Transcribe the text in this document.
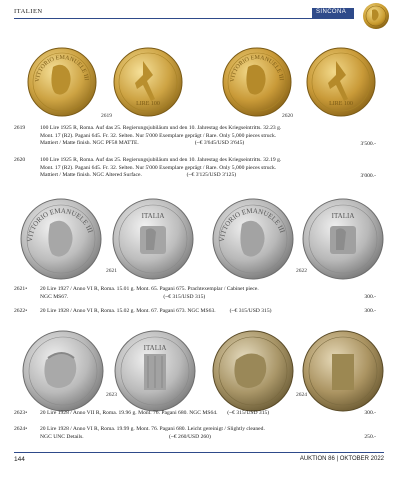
ITALIEN	SINCONA
VITTORIO EMANUELE III
LIRE 100
2619
VITTORIO EMANUELE III
LIRE 100
2620
2619	100 Lire 1925 R, Roma. Auf das 25. Regierungsjubiläum und den 10. Jahrestag des Kriegseintritts. 32.23 g.
Mont. 17 (R2). Pagani 645. Fr. 32. Selten. Nur 5'000 Exemplare geprägt / Rare. Only 5,000 pieces struck.
Mattiert / Matte finish. NGC PF58 MATTE.                                        (~€ 3'645/USD 3'645)	3'500.-
2620	100 Lire 1925 R, Roma. Auf das 25. Regierungsjubiläum und den 10. Jahrestag des Kriegseintritts. 32.19 g.
Mont. 17 (R2). Pagani 645. Fr. 32. Selten. Nur 5'000 Exemplare geprägt / Rare. Only 5,000 pieces struck.
Mattiert / Matte finish. NGC Altered Surface.                                (~€ 3'125/USD 3'125)	3'000.-
VITTORIO EMANUELE III
ITALIA
2621
VITTORIO EMANUELE III
ITALIA
2622
2621•	20 Lire 1927 / Anno VI R, Roma. 15.01 g. Mont. 65. Pagani 675. Prachtexemplar / Cabinet piece.
NGC MS67.                                                                    (~€ 315/USD 315)	300.-
2622•	20 Lire 1928 / Anno VI R, Roma. 15.02 g. Mont. 67. Pagani 673. NGC MS63.          (~€ 315/USD 315)	300.-
ITALIA
2623	2624
2623•	20 Lire 1928 / Anno VII R, Roma. 19.96 g. Mont. 76. Pagani 680. NGC MS64.       (~€ 315/USD 315)	300.-
2624•	20 Lire 1928 / Anno VI R, Roma. 19.99 g. Mont. 76. Pagani 680. Leicht gereinigt / Slightly cleaned.
NGC UNC Details.                                                             (~€ 260/USD 260)	250.-
144	AUKTION 86 | OKTOBER 2022
